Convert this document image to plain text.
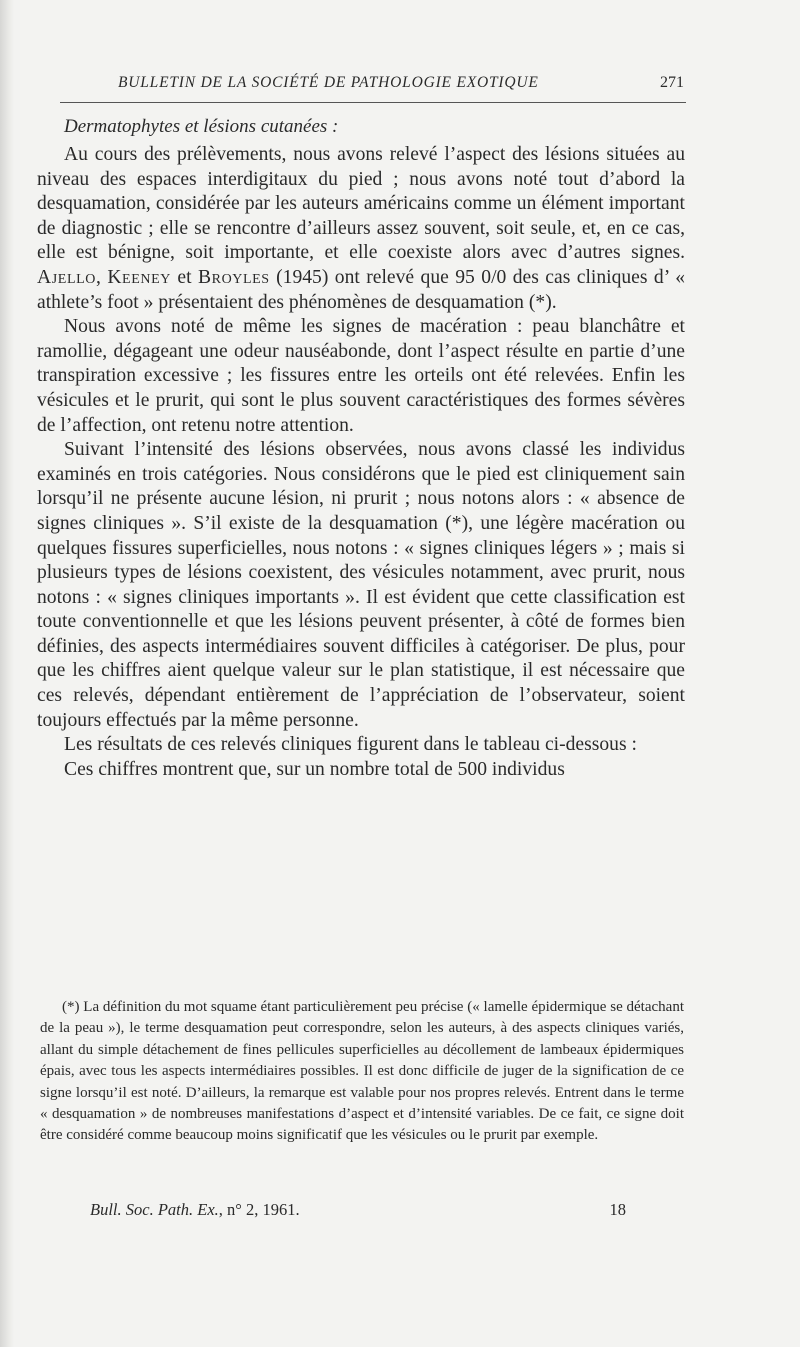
BULLETIN DE LA SOCIÉTÉ DE PATHOLOGIE EXOTIQUE	271

Dermatophytes et lésions cutanées :

Au cours des prélèvements, nous avons relevé l’aspect des lésions situées au niveau des espaces interdigitaux du pied ; nous avons noté tout d’abord la desquamation, considérée par les auteurs américains comme un élément important de diagnostic ; elle se rencontre d’ailleurs assez souvent, soit seule, et, en ce cas, elle est bénigne, soit importante, et elle coexiste alors avec d’autres signes. Ajello, Keeney et Broyles (1945) ont relevé que 95 0/0 des cas cliniques d’ « athlete’s foot » présentaient des phénomènes de desquamation (*).

Nous avons noté de même les signes de macération : peau blanchâtre et ramollie, dégageant une odeur nauséabonde, dont l’aspect résulte en partie d’une transpiration excessive ; les fissures entre les orteils ont été relevées. Enfin les vésicules et le prurit, qui sont le plus souvent caractéristiques des formes sévères de l’affection, ont retenu notre attention.

Suivant l’intensité des lésions observées, nous avons classé les individus examinés en trois catégories. Nous considérons que le pied est cliniquement sain lorsqu’il ne présente aucune lésion, ni prurit ; nous notons alors : « absence de signes cliniques ». S’il existe de la desquamation (*), une légère macération ou quelques fissures superficielles, nous notons : « signes cliniques légers » ; mais si plusieurs types de lésions coexistent, des vésicules notamment, avec prurit, nous notons : « signes cliniques importants ». Il est évident que cette classification est toute conventionnelle et que les lésions peuvent présenter, à côté de formes bien définies, des aspects intermédiaires souvent difficiles à catégoriser. De plus, pour que les chiffres aient quelque valeur sur le plan statistique, il est nécessaire que ces relevés, dépendant entièrement de l’appréciation de l’observateur, soient toujours effectués par la même personne.

Les résultats de ces relevés cliniques figurent dans le tableau ci-dessous :

Ces chiffres montrent que, sur un nombre total de 500 individus

(*) La définition du mot squame étant particulièrement peu précise (« lamelle épidermique se détachant de la peau »), le terme desquamation peut correspondre, selon les auteurs, à des aspects cliniques variés, allant du simple détachement de fines pellicules superficielles au décollement de lambeaux épidermiques épais, avec tous les aspects intermédiaires possibles. Il est donc difficile de juger de la signification de ce signe lorsqu’il est noté. D’ailleurs, la remarque est valable pour nos propres relevés. Entrent dans le terme « desquamation » de nombreuses manifestations d’aspect et d’intensité variables. De ce fait, ce signe doit être considéré comme beaucoup moins significatif que les vésicules ou le prurit par exemple.

Bull. Soc. Path. Ex., n° 2, 1961.	18
